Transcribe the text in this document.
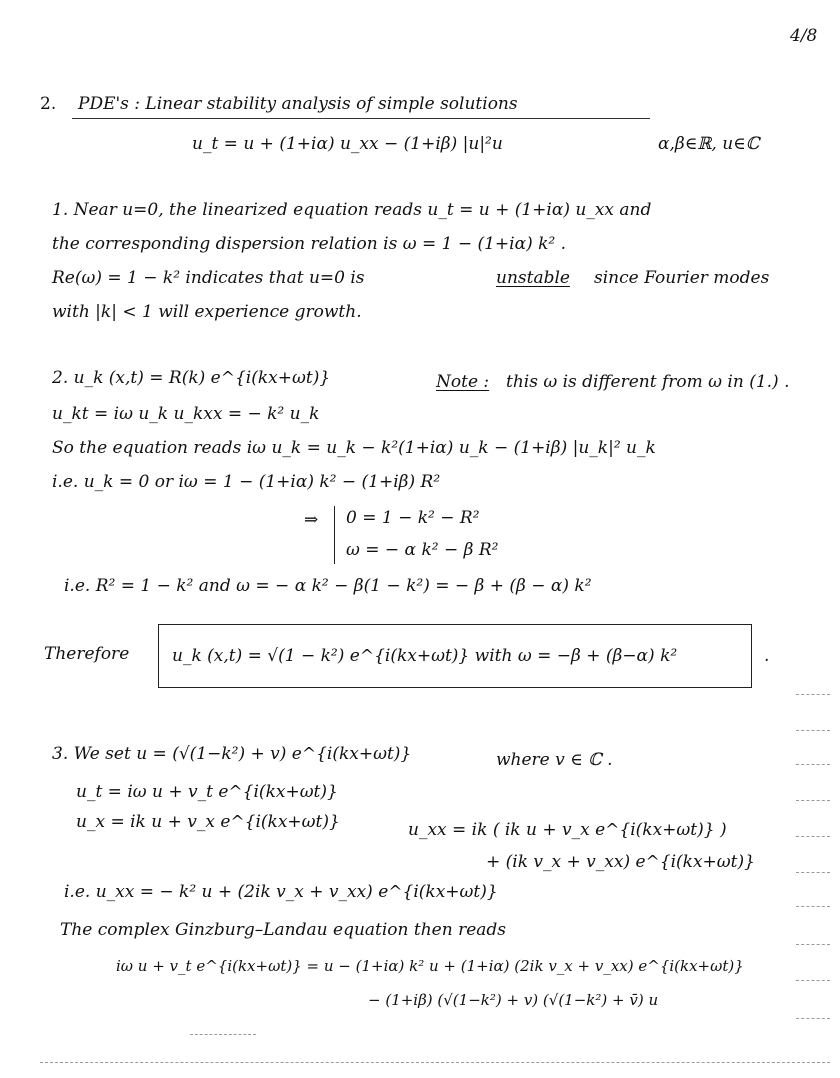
4/8
2. PDE's : Linear stability analysis of simple solutions
u_t = u + (1+iα) u_xx − (1+iβ) |u|²u	α,β∈ℝ, u∈ℂ
1. Near u=0, the linearized equation reads u_t = u + (1+iα) u_xx and
the corresponding dispersion relation is ω = 1 − (1+iα) k² .
Re(ω) = 1 − k² indicates that u=0 is	unstable since Fourier modes
with |k| < 1 will experience growth.
2. u_k (x,t) = R(k) e^{i(kx+ωt)}	Note : this ω is different from ω in (1.) .
u_kt = iω u_k u_kxx = − k² u_k
So the equation reads iω u_k = u_k − k²(1+iα) u_k − (1+iβ) |u_k|² u_k
i.e. u_k = 0 or iω = 1 − (1+iα) k² − (1+iβ) R²
⇒ 0 = 1 − k² − R²
ω = − α k² − β R²
i.e. R² = 1 − k² and ω = − α k² − β(1 − k²) = − β + (β − α) k²
Therefore	u_k (x,t) = √(1 − k²) e^{i(kx+ωt)} with ω = −β + (β−α) k²	.
3. We set u = (√(1−k²) + v) e^{i(kx+ωt)}	where v ∈ ℂ .
u_t = iω u + v_t e^{i(kx+ωt)}
u_x = ik u + v_x e^{i(kx+ωt)}	u_xx = ik ( ik u + v_x e^{i(kx+ωt)} )
+ (ik v_x + v_xx) e^{i(kx+ωt)}
i.e. u_xx = − k² u + (2ik v_x + v_xx) e^{i(kx+ωt)}
The complex Ginzburg–Landau equation then reads
iω u + v_t e^{i(kx+ωt)} = u − (1+iα) k² u + (1+iα) (2ik v_x + v_xx) e^{i(kx+ωt)}
− (1+iβ) (√(1−k²) + v) (√(1−k²) + v̄) u
